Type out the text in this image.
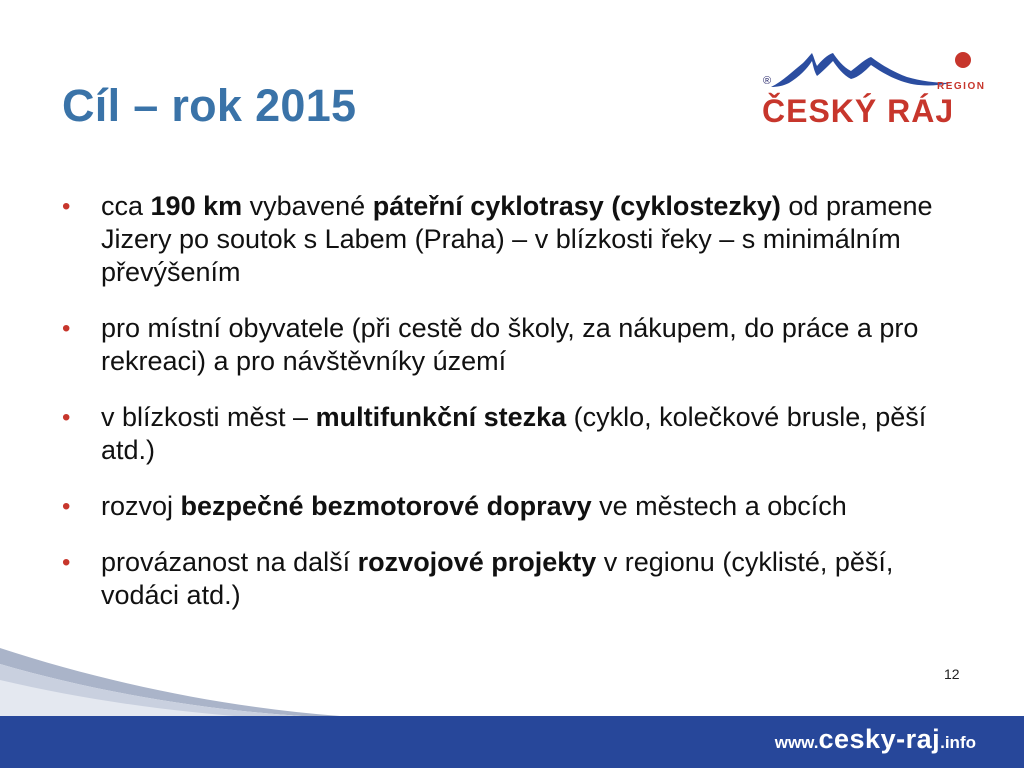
Cíl – rok 2015	®	REGION
ČESKÝ RÁJ
• cca 190 km vybavené páteřní cyklotrasy (cyklostezky) od pramene Jizery po soutok s Labem (Praha) – v blízkosti řeky – s minimálním převýšením
• pro místní obyvatele (při cestě do školy, za nákupem, do práce a pro rekreaci) a pro návštěvníky území
• v blízkosti měst – multifunkční stezka (cyklo, kolečkové brusle, pěší atd.)
• rozvoj bezpečné bezmotorové dopravy ve městech a obcích
• provázanost na další rozvojové projekty v regionu (cyklisté, pěší, vodáci atd.)
www.cesky-raj.info
12
